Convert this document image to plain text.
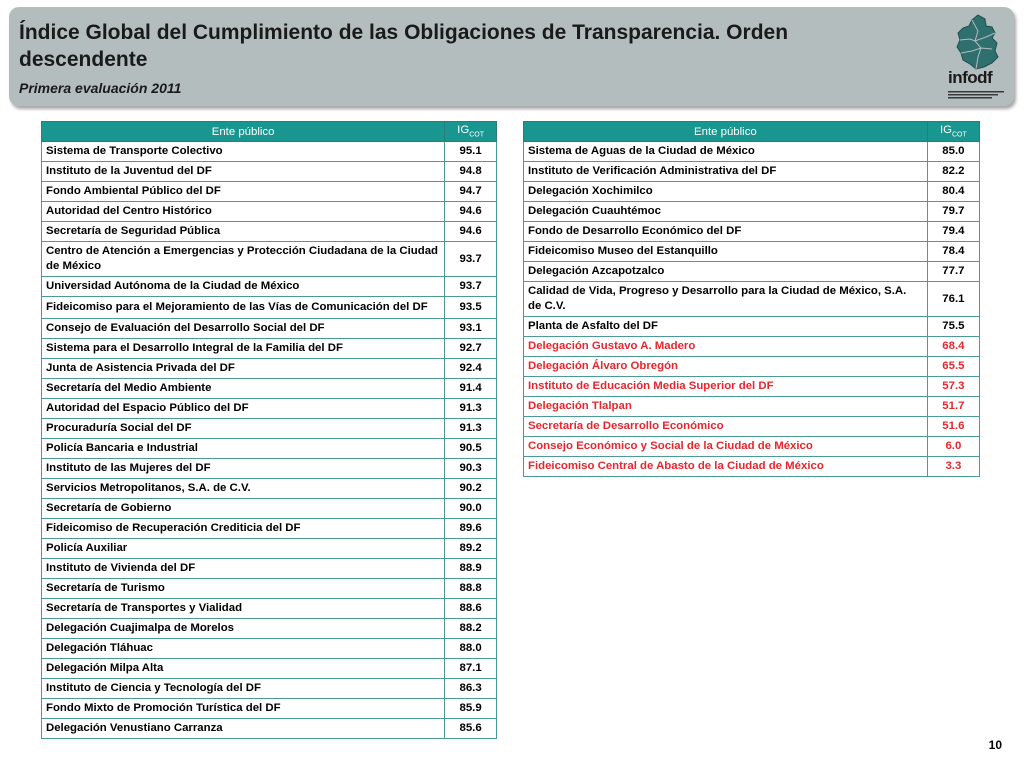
Índice Global del Cumplimiento de las Obligaciones de Transparencia. Orden descendente
Primera evaluación 2011
infodf
Ente público	$IG_{COT}$
Sistema de Transporte Colectivo	95.1
Instituto de la Juventud del DF	94.8
Fondo Ambiental Público del DF	94.7
Autoridad del Centro Histórico	94.6
Secretaría de Seguridad Pública	94.6
Centro de Atención a Emergencias y Protección Ciudadana de la Ciudad de México	93.7
Universidad Autónoma de la Ciudad de México	93.7
Fideicomiso para el Mejoramiento de las Vías de Comunicación del DF	93.5
Consejo de Evaluación del Desarrollo Social del DF	93.1
Sistema para el Desarrollo Integral de la Familia del DF	92.7
Junta de Asistencia Privada del DF	92.4
Secretaría del Medio Ambiente	91.4
Autoridad del Espacio Público del DF	91.3
Procuraduría Social del DF	91.3
Policía Bancaria e Industrial	90.5
Instituto de las Mujeres del DF	90.3
Servicios Metropolitanos, S.A. de C.V.	90.2
Secretaría de Gobierno	90.0
Fideicomiso de Recuperación Crediticia del DF	89.6
Policía Auxiliar	89.2
Instituto de Vivienda del DF	88.9
Secretaría de Turismo	88.8
Secretaría de Transportes y Vialidad	88.6
Delegación Cuajimalpa de Morelos	88.2
Delegación Tláhuac	88.0
Delegación Milpa Alta	87.1
Instituto de Ciencia y Tecnología del DF	86.3
Fondo Mixto de Promoción Turística del DF	85.9
Delegación Venustiano Carranza	85.6
Ente público	$IG_{COT}$
Sistema de Aguas de la Ciudad de México	85.0
Instituto de Verificación Administrativa del DF	82.2
Delegación Xochimilco	80.4
Delegación Cuauhtémoc	79.7
Fondo de Desarrollo Económico del DF	79.4
Fideicomiso Museo del Estanquillo	78.4
Delegación Azcapotzalco	77.7
Calidad de Vida, Progreso y Desarrollo para la Ciudad de México, S.A. de C.V.	76.1
Planta de Asfalto del DF	75.5
Delegación Gustavo A. Madero	68.4
Delegación Álvaro Obregón	65.5
Instituto de Educación Media Superior del DF	57.3
Delegación Tlalpan	51.7
Secretaría de Desarrollo Económico	51.6
Consejo Económico y Social de la Ciudad de México	6.0
Fideicomiso Central de Abasto de la Ciudad de México	3.3
10
